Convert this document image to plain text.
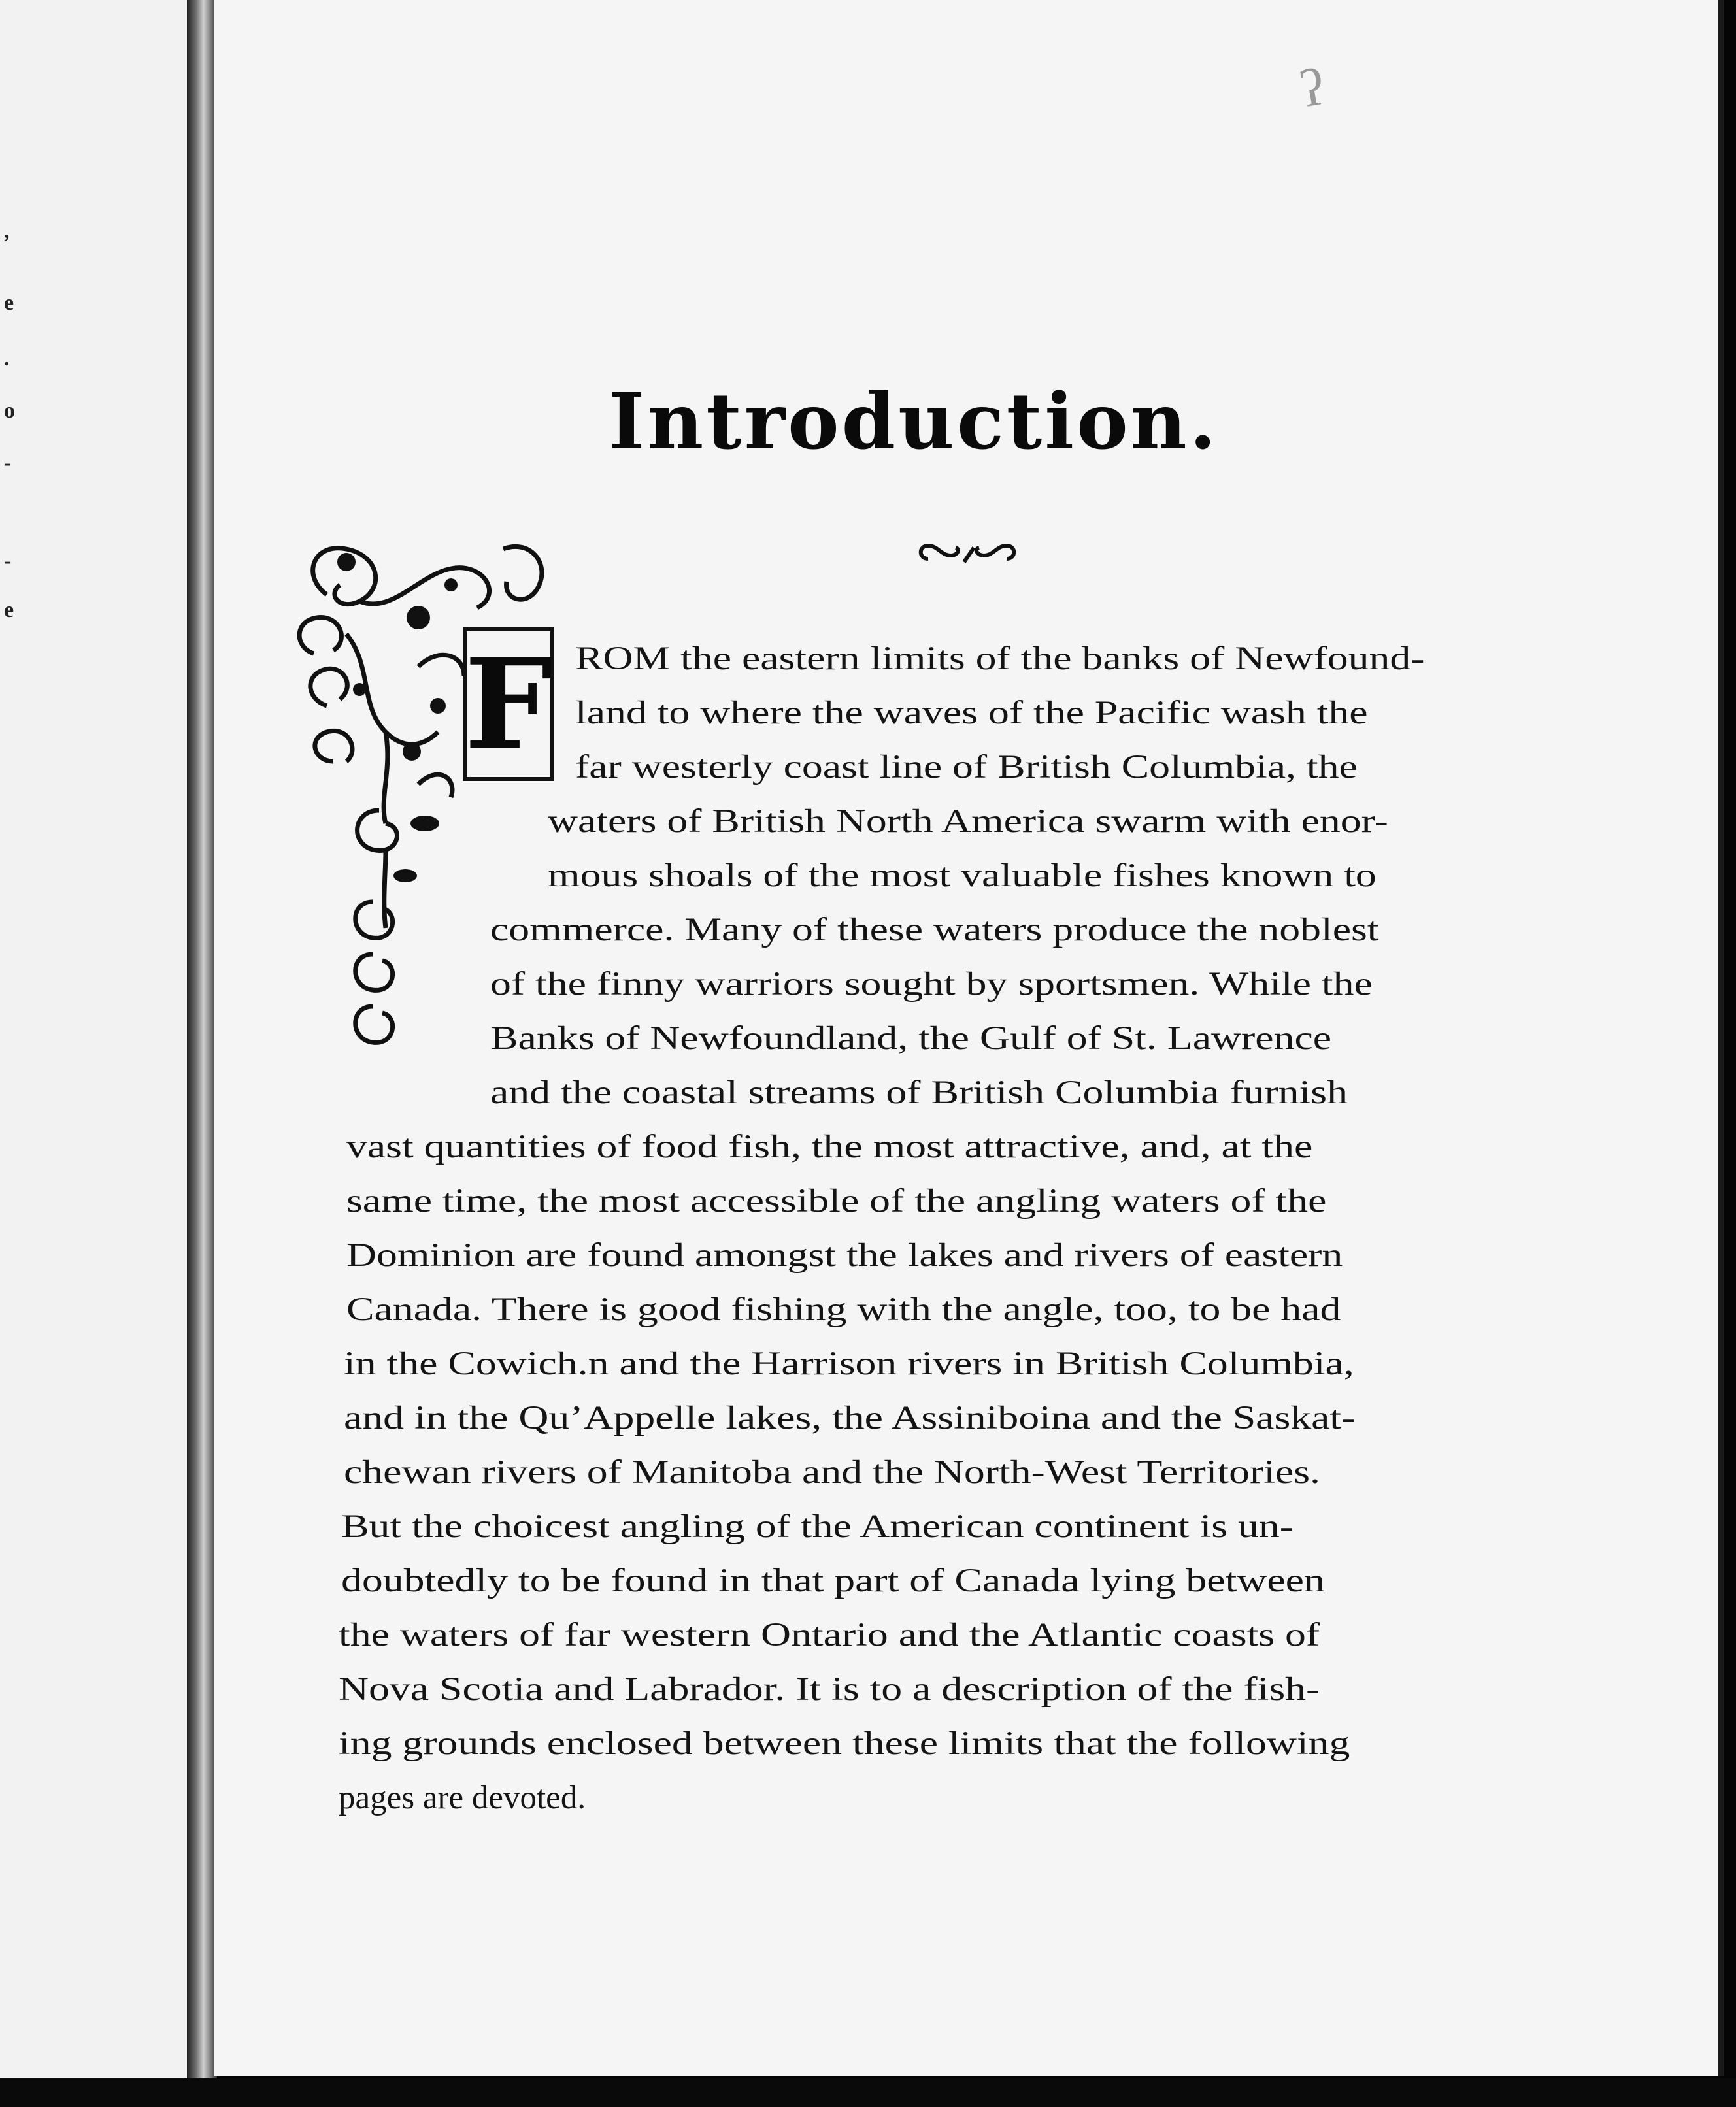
,
e
.
o
-
-
e
ʔ
Introduction.
F ROM the eastern limits of the banks of Newfound-

land to where the waves of the Pacific wash the

far westerly coast line of British Columbia, the

waters of British North America swarm with enor-

mous shoals of the most valuable fishes known to

commerce. Many of these waters produce the noblest

of the finny warriors sought by sportsmen. While the

Banks of Newfoundland, the Gulf of St. Lawrence

and the coastal streams of British Columbia furnish

vast quantities of food fish, the most attractive, and, at the

same time, the most accessible of the angling waters of the

Dominion are found amongst the lakes and rivers of eastern

Canada. There is good fishing with the angle, too, to be had

in the Cowich.n and the Harrison rivers in British Columbia,

and in the Qu’Appelle lakes, the Assiniboina and the Saskat-

chewan rivers of Manitoba and the North-West Territories.

But the choicest angling of the American continent is un-

doubtedly to be found in that part of Canada lying between

the waters of far western Ontario and the Atlantic coasts of

Nova Scotia and Labrador. It is to a description of the fish-

ing grounds enclosed between these limits that the following

pages are devoted.
